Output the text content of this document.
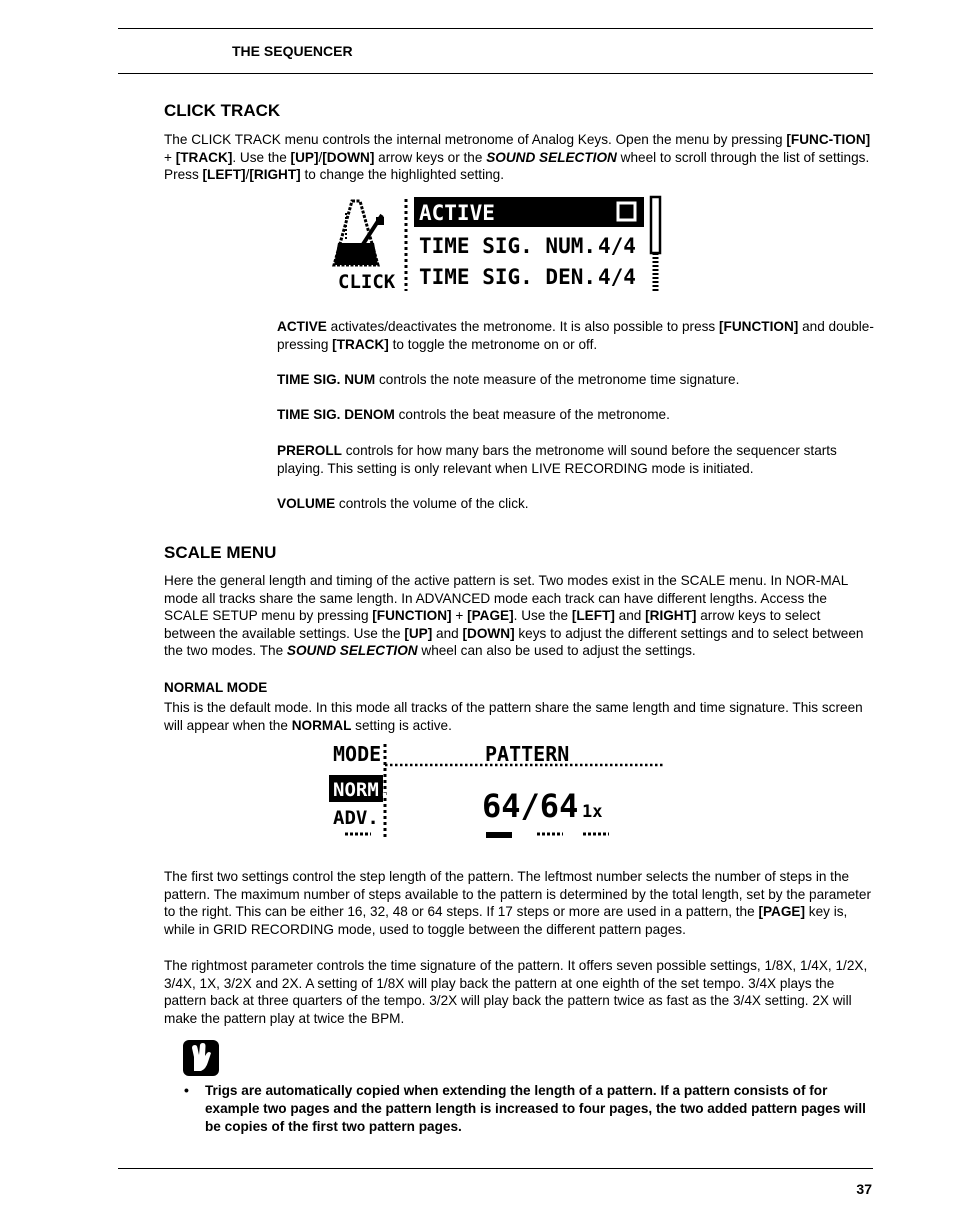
THE SEQUENCER
CLICK TRACK

The CLICK TRACK menu controls the internal metronome of Analog Keys. Open the menu by pressing [FUNC-TION] + [TRACK]. Use the [UP]/[DOWN] arrow keys or the SOUND SELECTION wheel to scroll through the list of settings. Press [LEFT]/[RIGHT] to change the highlighted setting.

CLICK
ACTIVE
TIME SIG. NUM. 4/4
TIME SIG. DEN. 4/4

ACTIVE activates/deactivates the metronome. It is also possible to press [FUNCTION] and double-pressing [TRACK] to toggle the metronome on or off.

TIME SIG. NUM controls the note measure of the metronome time signature.

TIME SIG. DENOM controls the beat measure of the metronome.

PREROLL controls for how many bars the metronome will sound before the sequencer starts playing. This setting is only relevant when LIVE RECORDING mode is initiated.

VOLUME controls the volume of the click.

SCALE MENU

Here the general length and timing of the active pattern is set. Two modes exist in the SCALE menu. In NOR-MAL mode all tracks share the same length. In ADVANCED mode each track can have different lengths. Access the SCALE SETUP menu by pressing [FUNCTION] + [PAGE]. Use the [LEFT] and [RIGHT] arrow keys to select between the available settings. Use the [UP] and [DOWN] keys to adjust the different settings and to select between the two modes. The SOUND SELECTION wheel can also be used to adjust the settings.

NORMAL MODE

This is the default mode. In this mode all tracks of the pattern share the same length and time signature. This screen will appear when the NORMAL setting is active.

MODE	PATTERN
NORM.
ADV.	64/64 1x

The first two settings control the step length of the pattern. The leftmost number selects the number of steps in the pattern. The maximum number of steps available to the pattern is determined by the total length, set by the parameter to the right. This can be either 16, 32, 48 or 64 steps. If 17 steps or more are used in a pattern, the [PAGE] key is, while in GRID RECORDING mode, used to toggle between the different pattern pages.

The rightmost parameter controls the time signature of the pattern. It offers seven possible settings, 1/8X, 1/4X, 1/2X, 3/4X, 1X, 3/2X and 2X. A setting of 1/8X will play back the pattern at one eighth of the set tempo. 3/4X plays the pattern back at three quarters of the tempo. 3/2X will play back the pattern twice as fast as the 3/4X setting. 2X will make the pattern play at twice the BPM.

• Trigs are automatically copied when extending the length of a pattern. If a pattern consists of for example two pages and the pattern length is increased to four pages, the two added pattern pages will be copies of the first two pattern pages.

37
